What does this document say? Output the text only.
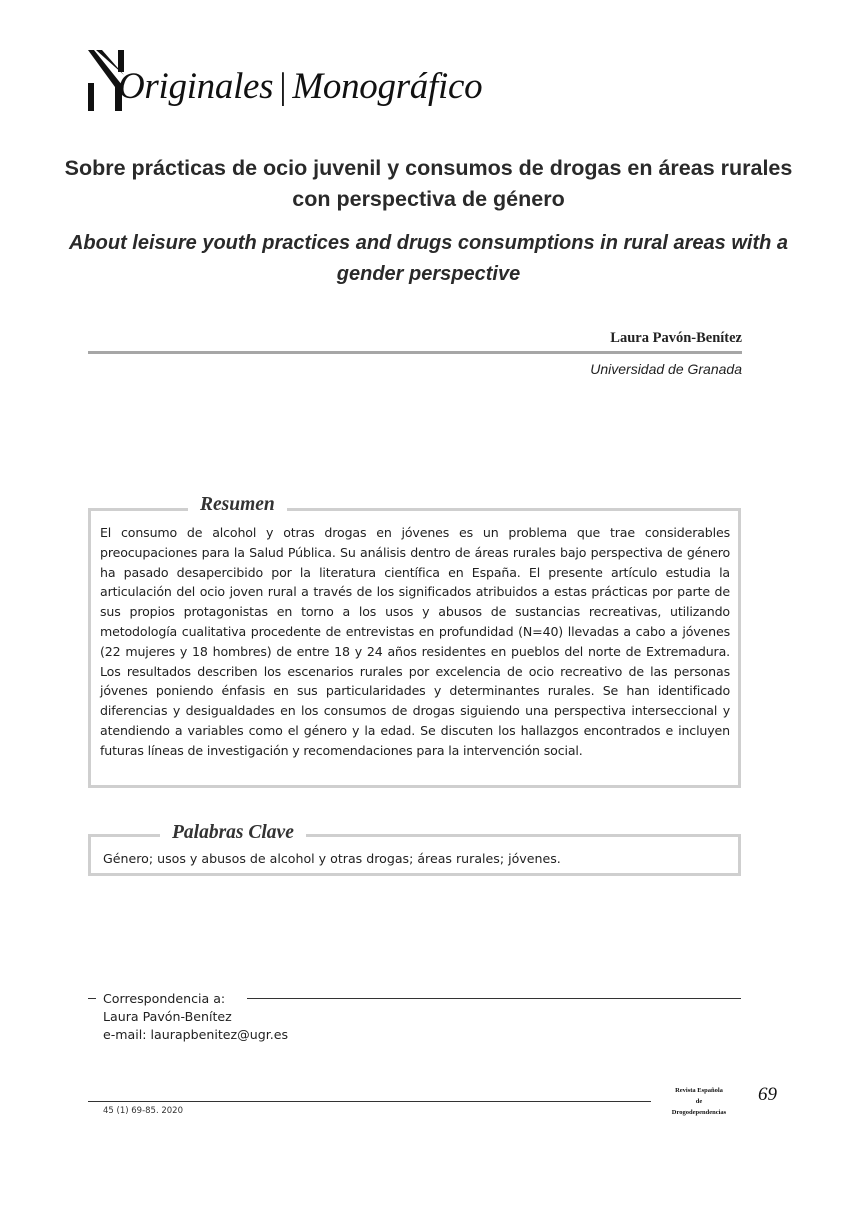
Originales | Monográfico
Sobre prácticas de ocio juvenil y consumos de drogas en áreas rurales con perspectiva de género
About leisure youth practices and drugs consumptions in rural areas with a gender perspective
Laura Pavón-Benítez
Universidad de Granada
Resumen

El consumo de alcohol y otras drogas en jóvenes es un problema que trae considerables preocupaciones para la Salud Pública. Su análisis dentro de áreas rurales bajo perspectiva de género ha pasado desapercibido por la literatura científica en España. El presente artículo estudia la articulación del ocio joven rural a través de los significados atribuidos a estas prácticas por parte de sus propios protagonistas en torno a los usos y abusos de sustancias recreativas, utilizando metodología cualitativa procedente de entrevistas en profundidad (N=40) llevadas a cabo a jóvenes (22 mujeres y 18 hombres) de entre 18 y 24 años residentes en pueblos del norte de Extremadura. Los resultados describen los escenarios rurales por excelencia de ocio recreativo de las personas jóvenes poniendo énfasis en sus particularidades y determinantes rurales. Se han identificado diferencias y desigualdades en los consumos de drogas siguiendo una perspectiva interseccional y atendiendo a variables como el género y la edad. Se discuten los hallazgos encontrados e incluyen futuras líneas de investigación y recomendaciones para la intervención social.

Palabras Clave

Género; usos y abusos de alcohol y otras drogas; áreas rurales; jóvenes.

Correspondencia a:
Laura Pavón-Benítez
e-mail: laurapbenitez@ugr.es
45 (1) 69-85. 2020
Revista Española
de
Drogodependencias
69
